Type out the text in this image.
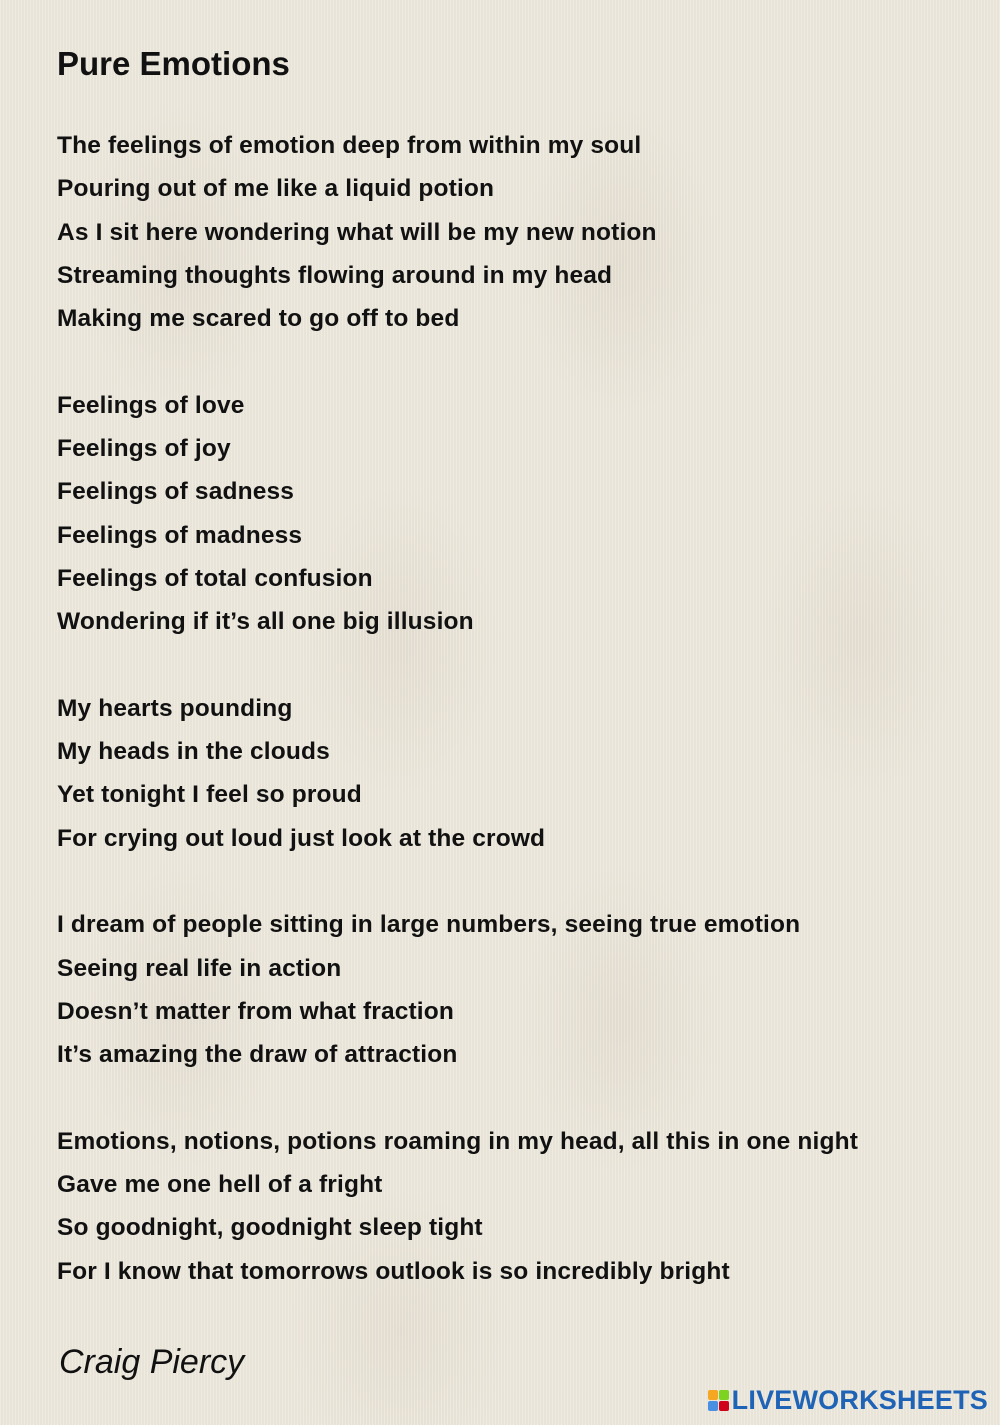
Pure Emotions
The feelings of emotion deep from within my soul
Pouring out of me like a liquid potion
As I sit here wondering what will be my new notion
Streaming thoughts flowing around in my head
Making me scared to go off to bed
Feelings of love
Feelings of joy
Feelings of sadness
Feelings of madness
Feelings of total confusion
Wondering if it’s all one big illusion
My hearts pounding
My heads in the clouds
Yet tonight I feel so proud
For crying out loud just look at the crowd
I dream of people sitting in large numbers, seeing true emotion
Seeing real life in action
Doesn’t matter from what fraction
It’s amazing the draw of attraction
Emotions, notions, potions roaming in my head, all this in one night
Gave me one hell of a fright
So goodnight, goodnight sleep tight
For I know that tomorrows outlook is so incredibly bright
Craig Piercy
LIVEWORKSHEETS
